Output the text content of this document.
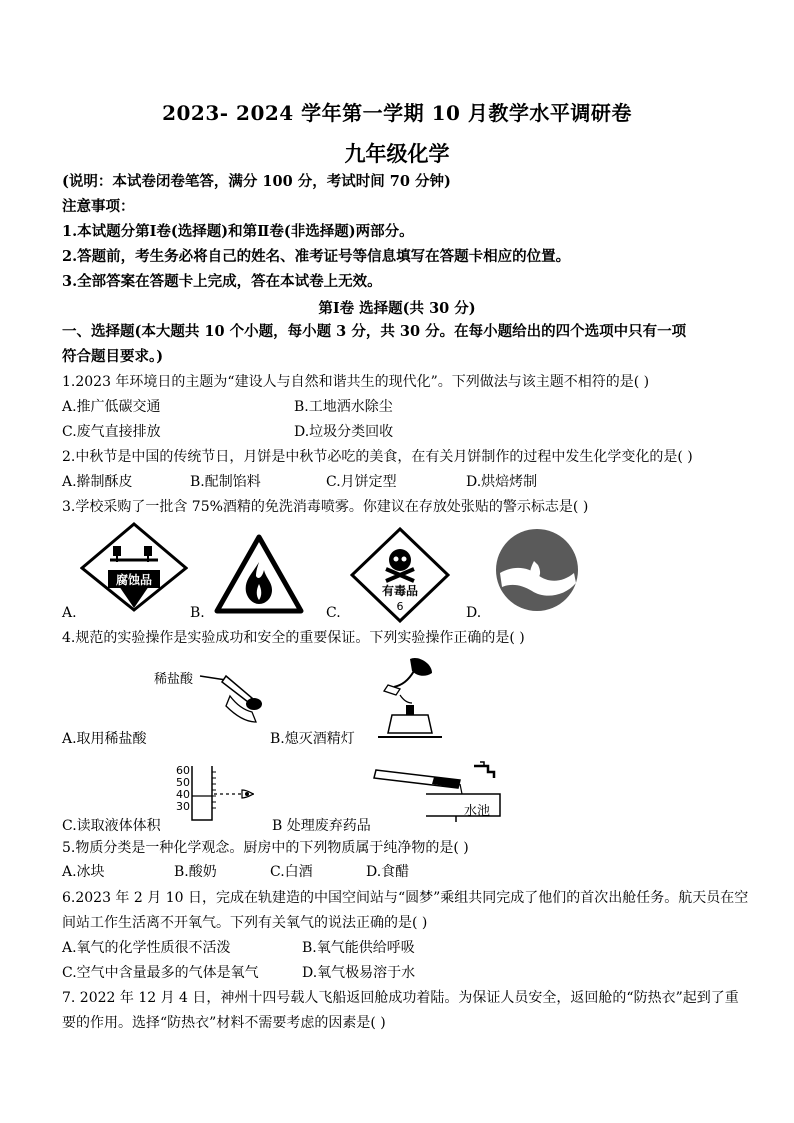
2023- 2024 学年第一学期 10 月教学水平调研卷
九年级化学
(说明：本试卷闭卷笔答，满分 100 分，考试时间 70 分钟)
注意事项：
1.本试题分第Ⅰ卷(选择题)和第Ⅱ卷(非选择题)两部分。
2.答题前，考生务必将自己的姓名、准考证号等信息填写在答题卡相应的位置。
3.全部答案在答题卡上完成，答在本试卷上无效。
第Ⅰ卷 选择题(共 30 分)
一、选择题(本大题共 10 个小题，每小题 3 分，共 30 分。在每小题给出的四个选项中只有一项
符合题目要求。)
1.2023 年环境日的主题为“建设人与自然和谐共生的现代化”。下列做法与该主题不相符的是( )
A.推广低碳交通	B.工地洒水除尘
C.废气直接排放	D.垃圾分类回收
2.中秋节是中国的传统节日，月饼是中秋节必吃的美食，在有关月饼制作的过程中发生化学变化的是( )
A.擀制酥皮	B.配制馅料	C.月饼定型	D.烘焙烤制
3.学校采购了一批含 75%酒精的免洗消毒喷雾。你建议在存放处张贴的警示标志是( )
腐蚀品
A.	B.
有毒品
6
C.	D.
4.规范的实验操作是实验成功和安全的重要保证。下列实验操作正确的是( )
稀盐酸
A.取用稀盐酸	B.熄灭酒精灯
60
50
40
30
C.读取液体体积
水池
B 处理废弃药品
5.物质分类是一种化学观念。厨房中的下列物质属于纯净物的是( )
A.冰块	B.酸奶	C.白酒	D.食醋
6.2023 年 2 月 10 日，完成在轨建造的中国空间站与“圆梦”乘组共同完成了他们的首次出舱任务。航天员在空
间站工作生活离不开氧气。下列有关氧气的说法正确的是( )
A.氧气的化学性质很不活泼	B.氧气能供给呼吸
C.空气中含量最多的气体是氧气	D.氧气极易溶于水
7. 2022 年 12 月 4 日，神州十四号载人飞船返回舱成功着陆。为保证人员安全，返回舱的“防热衣”起到了重
要的作用。选择“防热衣”材料不需要考虑的因素是( )
